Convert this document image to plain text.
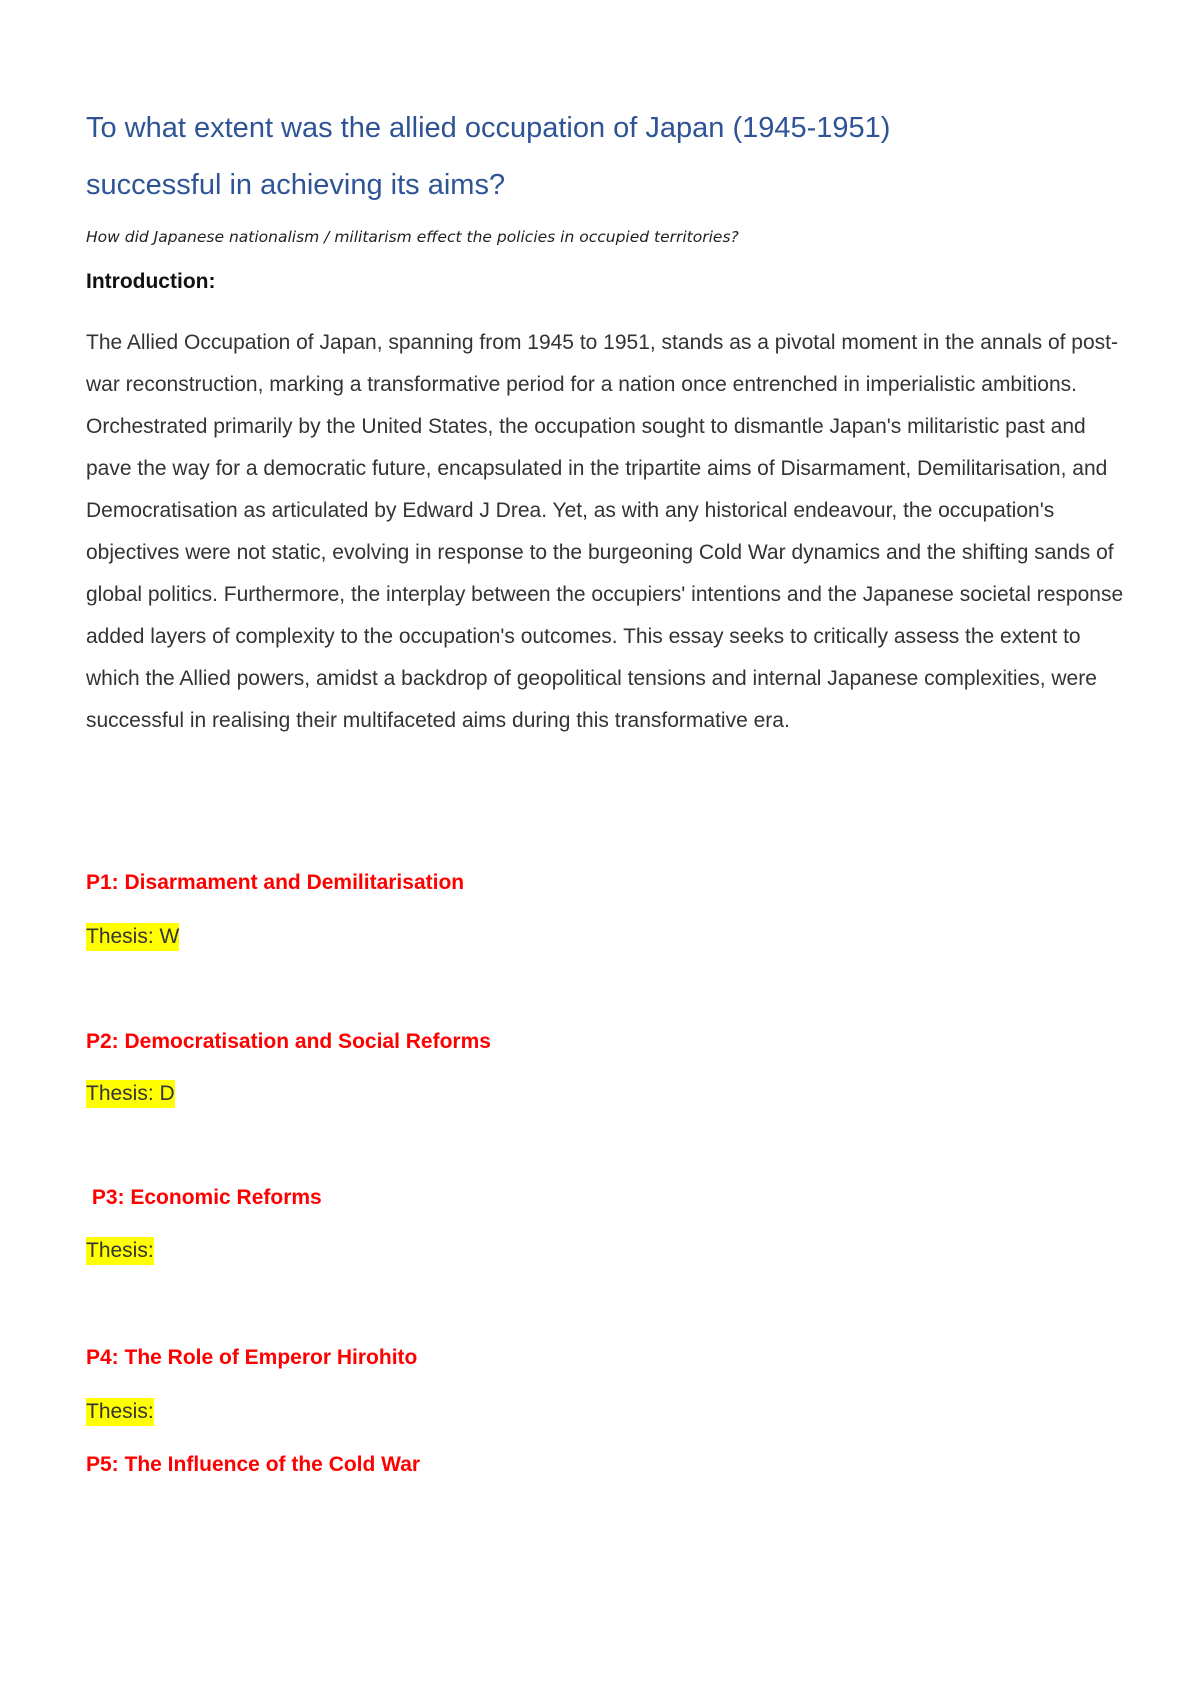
To what extent was the allied occupation of Japan (1945-1951)
successful in achieving its aims?
How did Japanese nationalism / militarism effect the policies in occupied territories?
Introduction:
The Allied Occupation of Japan, spanning from 1945 to 1951, stands as a pivotal moment in the annals of post-war reconstruction, marking a transformative period for a nation once entrenched in imperialistic ambitions. Orchestrated primarily by the United States, the occupation sought to dismantle Japan's militaristic past and pave the way for a democratic future, encapsulated in the tripartite aims of Disarmament, Demilitarisation, and Democratisation as articulated by Edward J Drea. Yet, as with any historical endeavour, the occupation's objectives were not static, evolving in response to the burgeoning Cold War dynamics and the shifting sands of global politics. Furthermore, the interplay between the occupiers' intentions and the Japanese societal response added layers of complexity to the occupation's outcomes. This essay seeks to critically assess the extent to which the Allied powers, amidst a backdrop of geopolitical tensions and internal Japanese complexities, were successful in realising their multifaceted aims during this transformative era.
P1: Disarmament and Demilitarisation
Thesis: W
P2: Democratisation and Social Reforms
Thesis: D
P3: Economic Reforms
Thesis:
P4: The Role of Emperor Hirohito
Thesis:
P5: The Influence of the Cold War
